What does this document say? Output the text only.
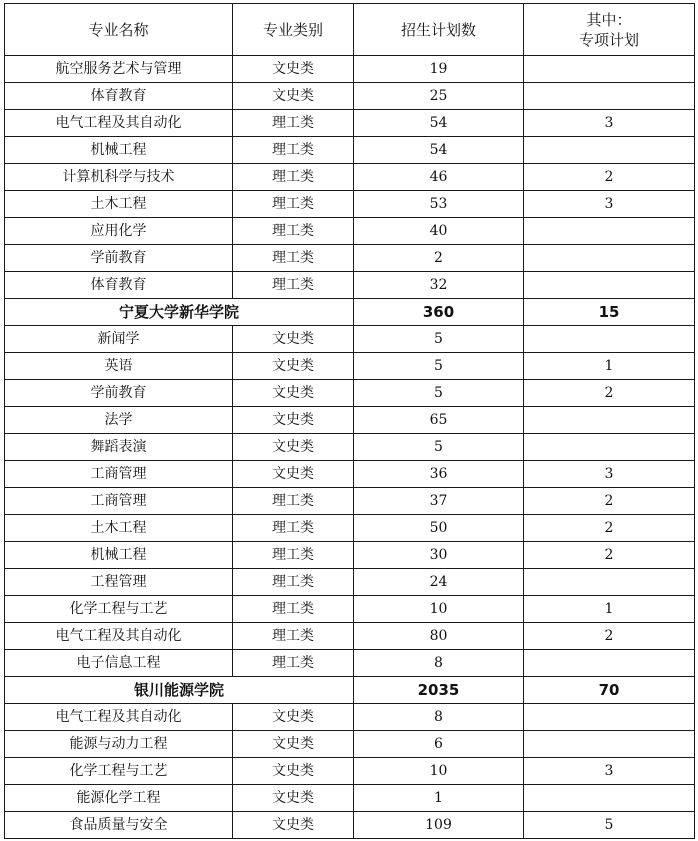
专业名称	专业类别	招生计划数	其中：
专项计划

航空服务艺术与管理	文史类	19	
体育教育	文史类	25	
电气工程及其自动化	理工类	54	3
机械工程	理工类	54	
计算机科学与技术	理工类	46	2
土木工程	理工类	53	3
应用化学	理工类	40	
学前教育	理工类	2	
体育教育	理工类	32	
宁夏大学新华学院		360	15
新闻学	文史类	5	
英语	文史类	5	1
学前教育	文史类	5	2
法学	文史类	65	
舞蹈表演	文史类	5	
工商管理	文史类	36	3
工商管理	理工类	37	2
土木工程	理工类	50	2
机械工程	理工类	30	2
工程管理	理工类	24	
化学工程与工艺	理工类	10	1
电气工程及其自动化	理工类	80	2
电子信息工程	理工类	8	
银川能源学院		2035	70
电气工程及其自动化	文史类	8	
能源与动力工程	文史类	6	
化学工程与工艺	文史类	10	3
能源化学工程	文史类	1	
食品质量与安全	文史类	109	5
